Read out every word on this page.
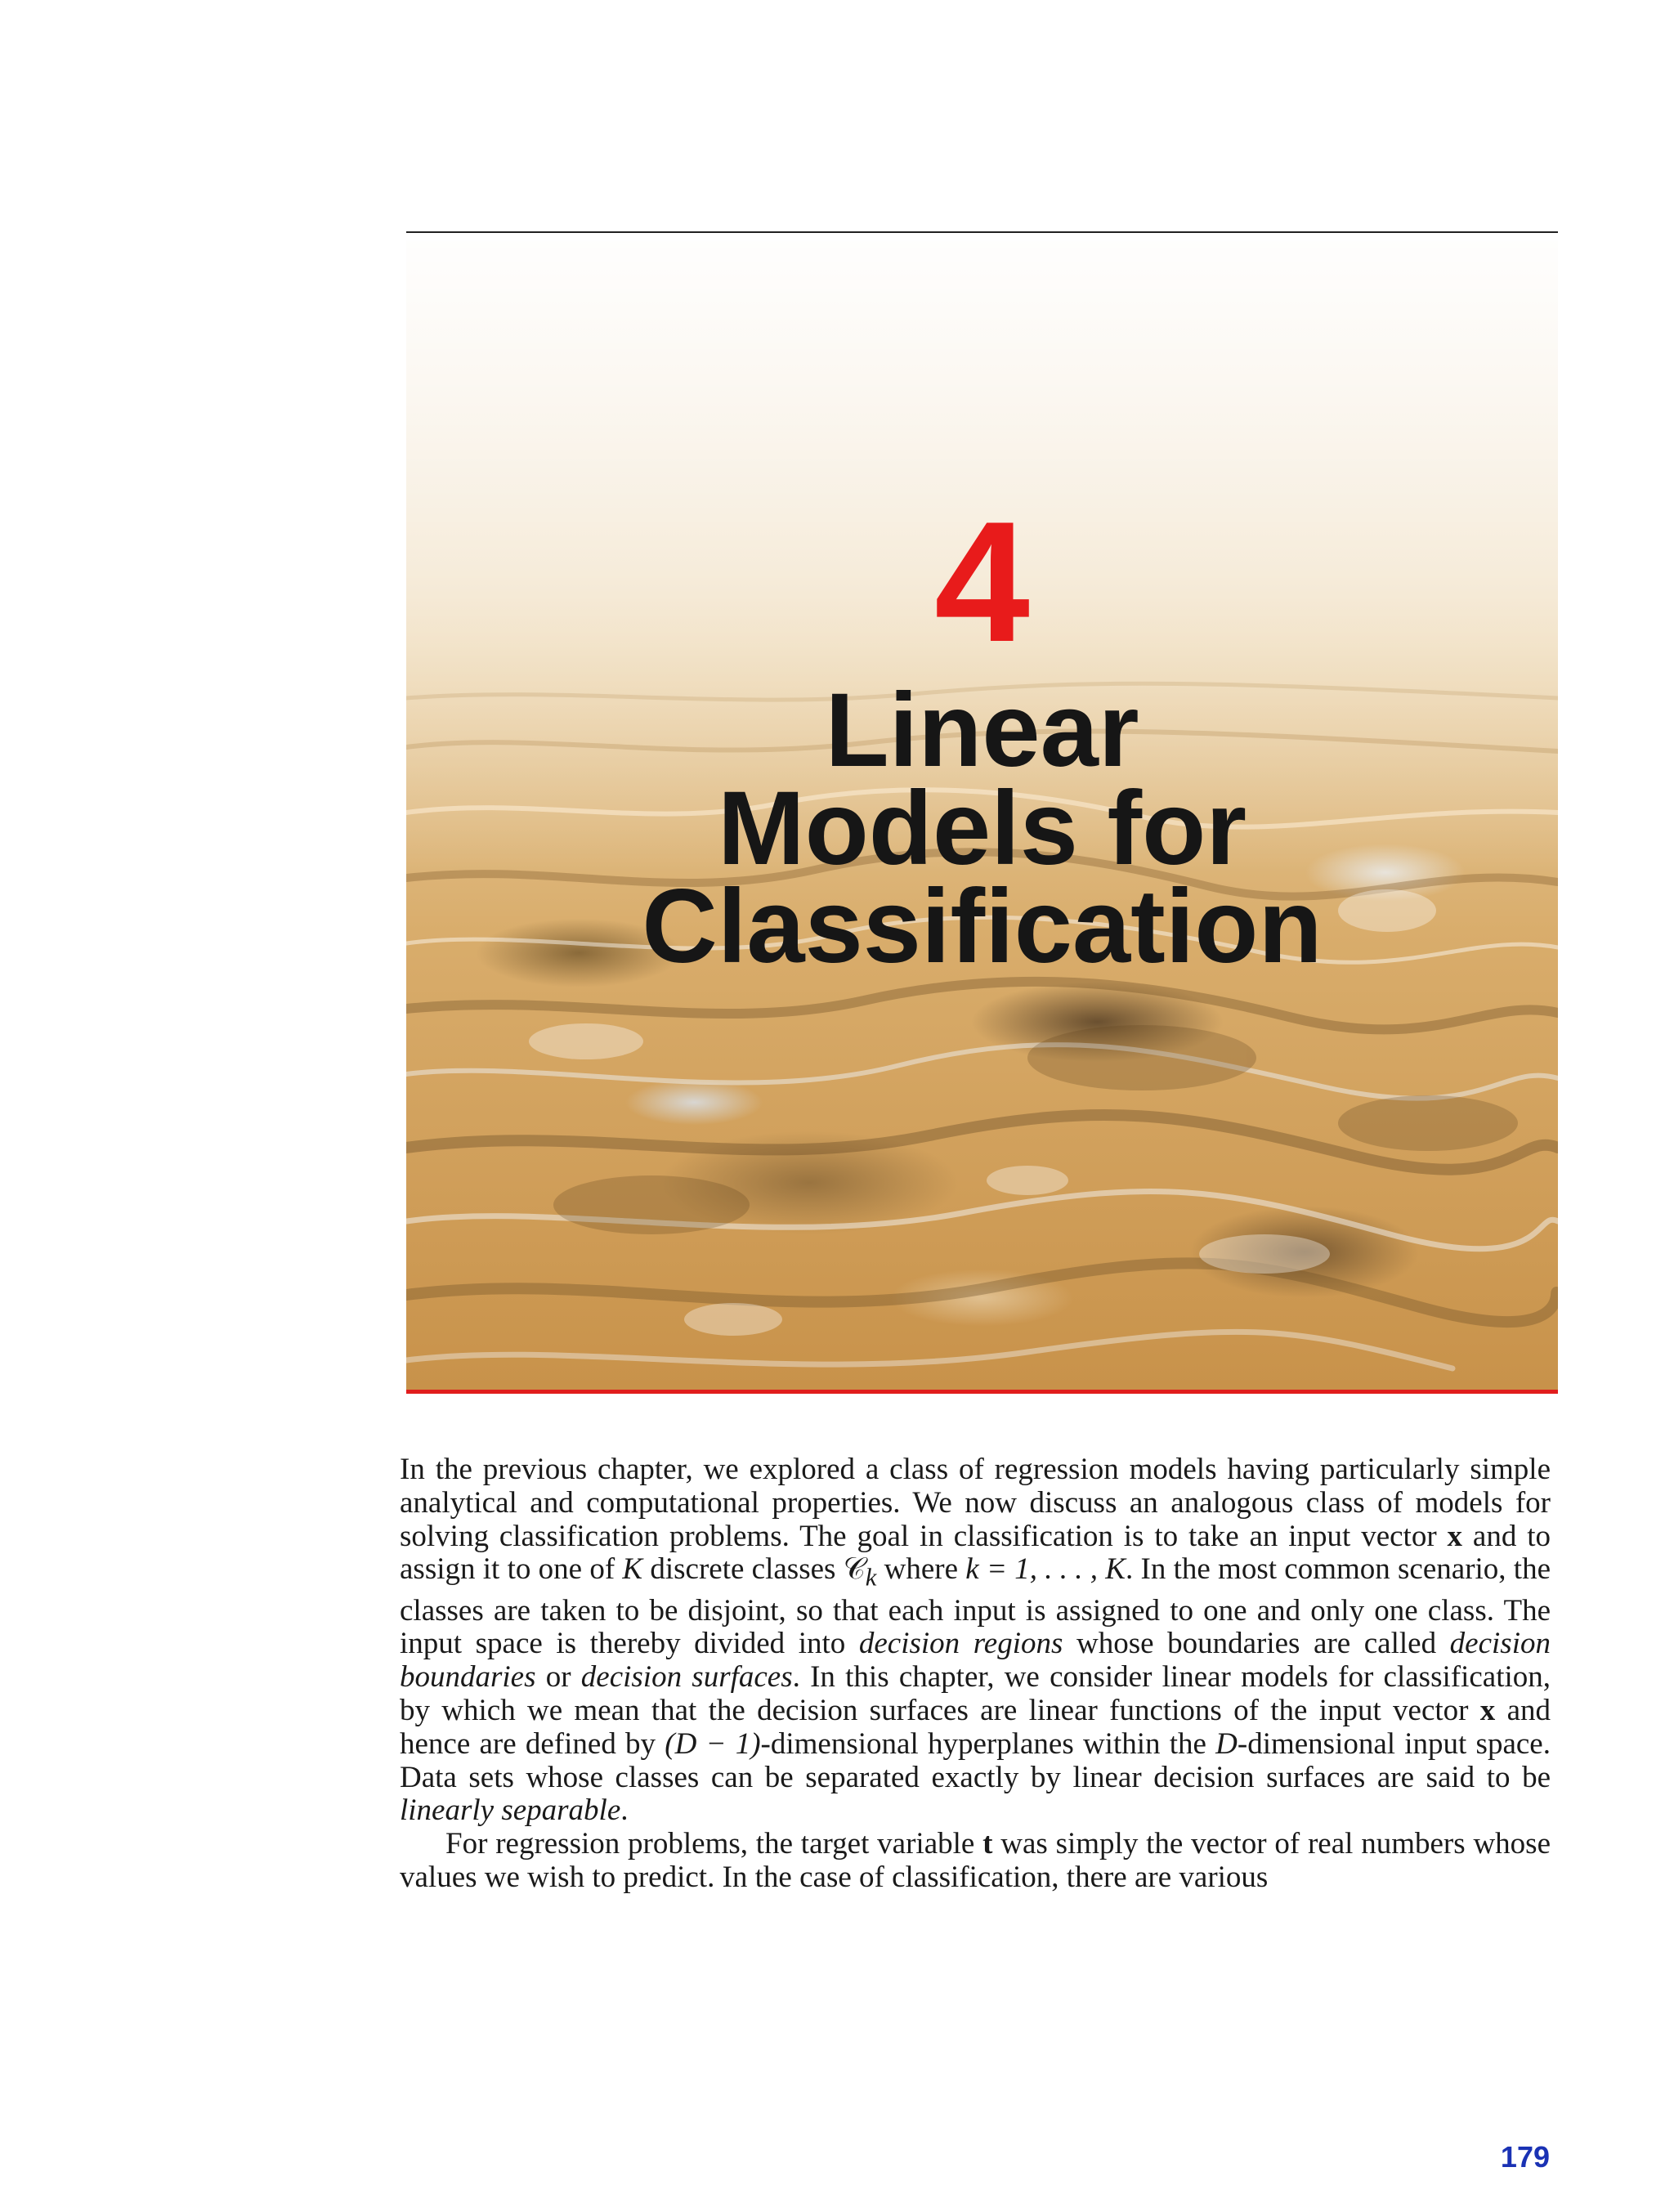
4
Linear
Models for
Classification

In the previous chapter, we explored a class of regression models having particularly simple analytical and computational properties. We now discuss an analogous class of models for solving classification problems. The goal in classification is to take an input vector x and to assign it to one of K discrete classes 𝒞$_k$ where k = 1, . . . , K. In the most common scenario, the classes are taken to be disjoint, so that each input is assigned to one and only one class. The input space is thereby divided into decision regions whose boundaries are called decision boundaries or decision surfaces. In this chapter, we consider linear models for classification, by which we mean that the decision surfaces are linear functions of the input vector x and hence are defined by (D − 1)-dimensional hyperplanes within the D-dimensional input space. Data sets whose classes can be separated exactly by linear decision surfaces are said to be linearly separable.

For regression problems, the target variable t was simply the vector of real numbers whose values we wish to predict. In the case of classification, there are various

179
